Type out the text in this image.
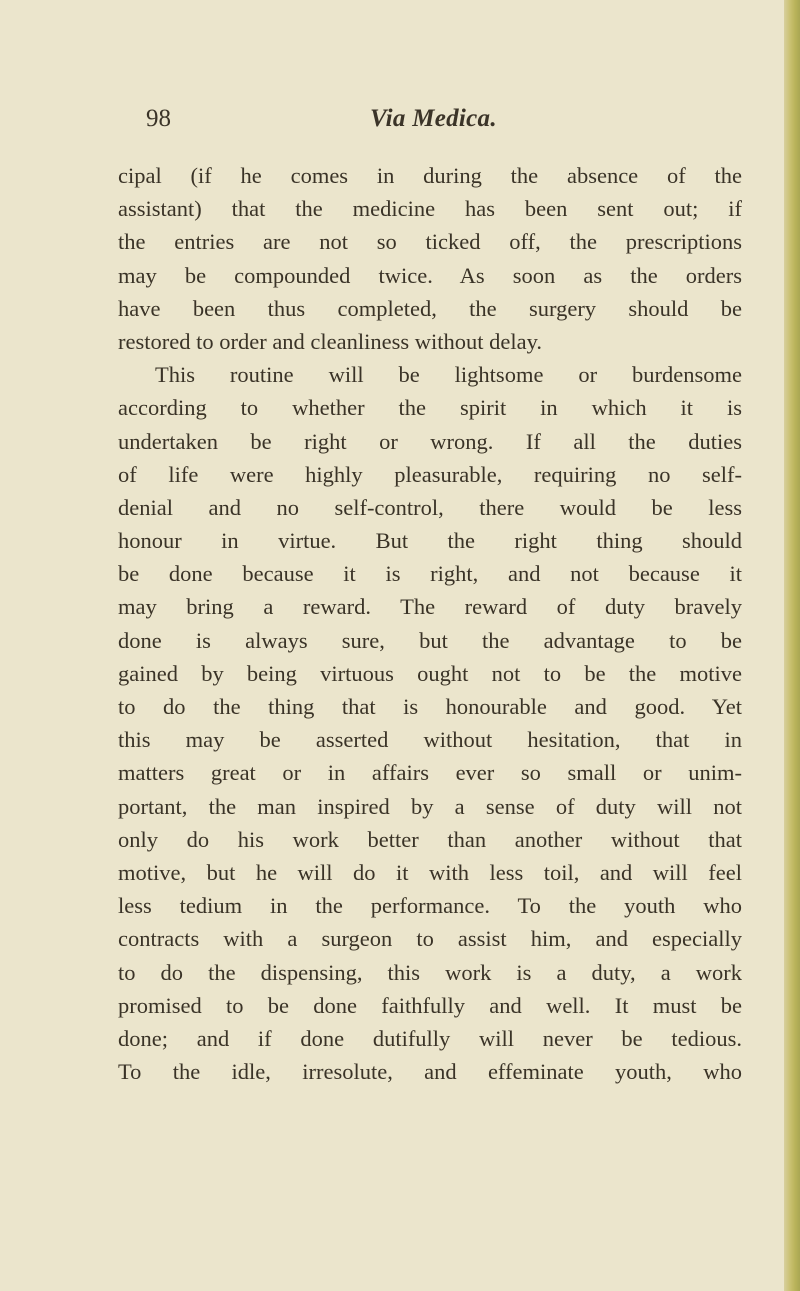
98	Via Medica.
cipal (if he comes in during the absence of the
assistant) that the medicine has been sent out; if
the entries are not so ticked off, the prescriptions
may be compounded twice. As soon as the orders
have been thus completed, the surgery should be
restored to order and cleanliness without delay.
This routine will be lightsome or burdensome
according to whether the spirit in which it is
undertaken be right or wrong. If all the duties
of life were highly pleasurable, requiring no self-
denial and no self-control, there would be less
honour in virtue. But the right thing should
be done because it is right, and not because it
may bring a reward. The reward of duty bravely
done is always sure, but the advantage to be
gained by being virtuous ought not to be the motive
to do the thing that is honourable and good. Yet
this may be asserted without hesitation, that in
matters great or in affairs ever so small or unim-
portant, the man inspired by a sense of duty will not
only do his work better than another without that
motive, but he will do it with less toil, and will feel
less tedium in the performance. To the youth who
contracts with a surgeon to assist him, and especially
to do the dispensing, this work is a duty, a work
promised to be done faithfully and well. It must be
done; and if done dutifully will never be tedious.
To the idle, irresolute, and effeminate youth, who
